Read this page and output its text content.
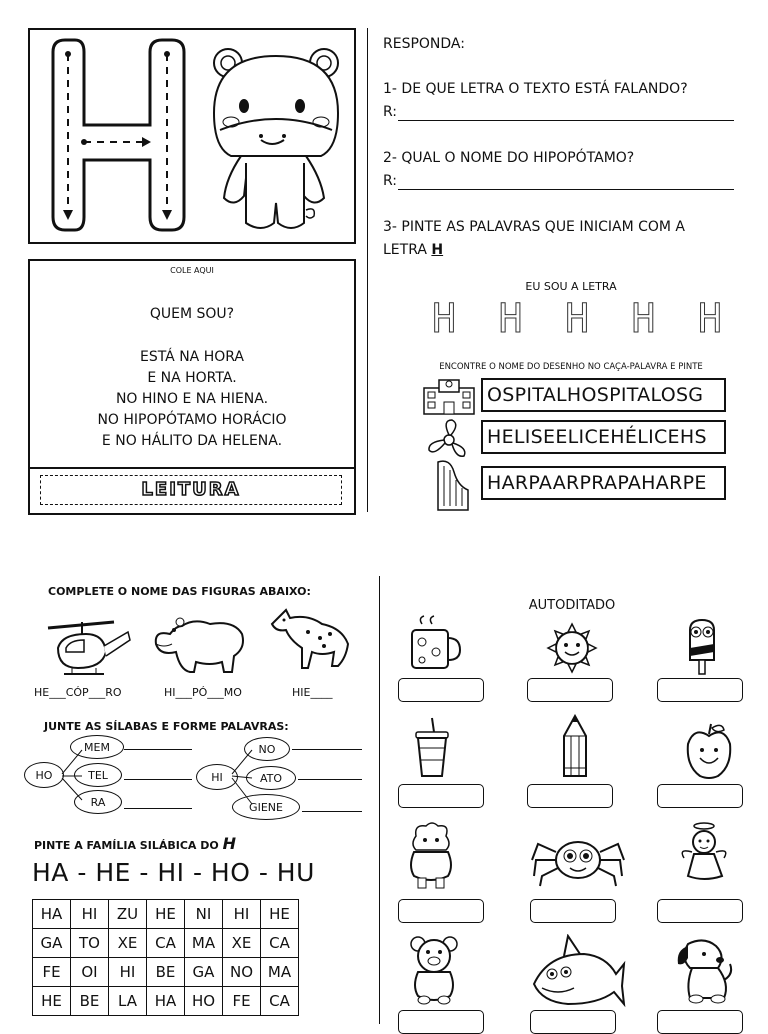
COLE AQUI
QUEM SOU?
ESTÁ NA HORA
E NA HORTA.
NO HINO E NA HIENA.
NO HIPOPÓTAMO HORÁCIO
E NO HÁLITO DA HELENA.
LEITURA
RESPONDA:
1- DE QUE LETRA O TEXTO ESTÁ FALANDO?
R:
2- QUAL O NOME DO HIPOPÓTAMO?
R:
3- PINTE AS PALAVRAS QUE INICIAM COM A
LETRA H
EU SOU A LETRA
H H H H H
ENCONTRE O NOME DO DESENHO NO CAÇA-PALAVRA E PINTE
OSPITALHOSPITALOSG
HELISEELICEHÉLICEHS
HARPAARPRAPAHARPE
COMPLETE O NOME DAS FIGURAS ABAIXO:
HE___CÓP___RO	HI___PÓ___MO	HIE____
JUNTE AS SÍLABAS E FORME PALAVRAS:
HO
MEM
TEL
RA
HI
NO
ATO
GIENE
PINTE A FAMÍLIA SILÁBICA DO H
HA - HE - HI - HO - HU
HA	HI	ZU	HE	NI	HI	HE
GA	TO	XE	CA	MA	XE	CA
FE	OI	HI	BE	GA	NO	MA
HE	BE	LA	HA	HO	FE	CA
AUTODITADO
